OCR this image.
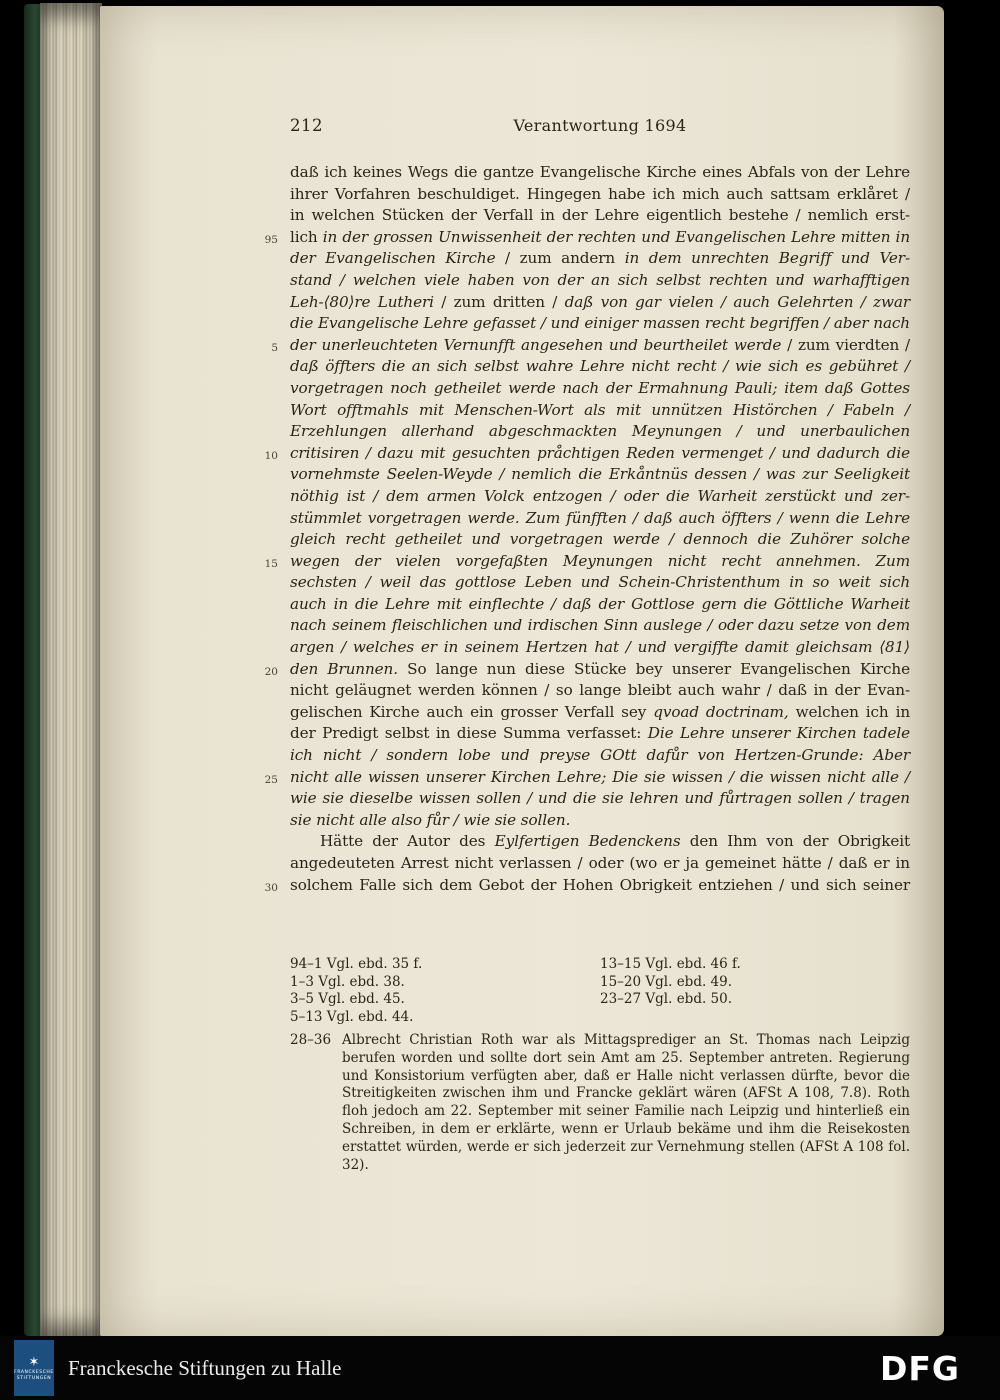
212	Verantwortung 1694
daß ich keines Wegs die gantze Evangelische Kirche eines Abfals von der Lehre
ihrer Vorfahren beschuldiget. Hingegen habe ich mich auch sattsam erklåret /
in welchen Stücken der Verfall in der Lehre eigentlich bestehe / nemlich erst-
95 lich in der grossen Unwissenheit der rechten und Evangelischen Lehre mitten in
der Evangelischen Kirche / zum andern in dem unrechten Begriff und Ver-
stand / welchen viele haben von der an sich selbst rechten und warhafftigen
Leh-⟨80⟩re Lutheri / zum dritten / daß von gar vielen / auch Gelehrten / zwar
die Evangelische Lehre gefasset / und einiger massen recht begriffen / aber nach
5 der unerleuchteten Vernunfft angesehen und beurtheilet werde / zum vierdten /
daß öffters die an sich selbst wahre Lehre nicht recht / wie sich es gebühret /
vorgetragen noch getheilet werde nach der Ermahnung Pauli; item daß Gottes
Wort offtmahls mit Menschen-Wort als mit unnützen Histörchen / Fabeln /
Erzehlungen allerhand abgeschmackten Meynungen / und unerbaulichen
10 critisiren / dazu mit gesuchten pråchtigen Reden vermenget / und dadurch die
vornehmste Seelen-Weyde / nemlich die Erkåntnüs dessen / was zur Seeligkeit
nöthig ist / dem armen Volck entzogen / oder die Warheit zerstückt und zer-
stümmlet vorgetragen werde. Zum fünfften / daß auch öffters / wenn die Lehre
gleich recht getheilet und vorgetragen werde / dennoch die Zuhörer solche
15 wegen der vielen vorgefaßten Meynungen nicht recht annehmen. Zum
sechsten / weil das gottlose Leben und Schein-Christenthum in so weit sich
auch in die Lehre mit einflechte / daß der Gottlose gern die Göttliche Warheit
nach seinem fleischlichen und irdischen Sinn auslege / oder dazu setze von dem
argen / welches er in seinem Hertzen hat / und vergiffte damit gleichsam ⟨81⟩
20 den Brunnen. So lange nun diese Stücke bey unserer Evangelischen Kirche
nicht geläugnet werden können / so lange bleibt auch wahr / daß in der Evan-
gelischen Kirche auch ein grosser Verfall sey qvoad doctrinam, welchen ich in
der Predigt selbst in diese Summa verfasset: Die Lehre unserer Kirchen tadele
ich nicht / sondern lobe und preyse GOtt dafůr von Hertzen-Grunde: Aber
25 nicht alle wissen unserer Kirchen Lehre; Die sie wissen / die wissen nicht alle /
wie sie dieselbe wissen sollen / und die sie lehren und fůrtragen sollen / tragen
sie nicht alle also fůr / wie sie sollen.
Hätte der Autor des Eylfertigen Bedenckens den Ihm von der Obrigkeit
angedeuteten Arrest nicht verlassen / oder (wo er ja gemeinet hätte / daß er in
30 solchem Falle sich dem Gebot der Hohen Obrigkeit entziehen / und sich seiner
94–1 Vgl. ebd. 35 f.
1–3 Vgl. ebd. 38.
3–5 Vgl. ebd. 45.
5–13 Vgl. ebd. 44.
13–15 Vgl. ebd. 46 f.
15–20 Vgl. ebd. 49.
23–27 Vgl. ebd. 50.
28–36 Albrecht Christian Roth war als Mittagsprediger an St. Thomas nach Leipzig berufen worden und sollte dort sein Amt am 25. September antreten. Regierung und Konsistorium verfügten aber, daß er Halle nicht verlassen dürfte, bevor die Streitigkeiten zwischen ihm und Francke geklärt wären (AFSt A 108, 7.8). Roth floh jedoch am 22. September mit seiner Familie nach Leipzig und hinterließ ein Schreiben, in dem er erklärte, wenn er Urlaub bekäme und ihm die Reisekosten erstattet würden, werde er sich jederzeit zur Vernehmung stellen (AFSt A 108 fol. 32).
✶
FRANCKESCHE
STIFTUNGEN Franckesche Stiftungen zu Halle	DFG
